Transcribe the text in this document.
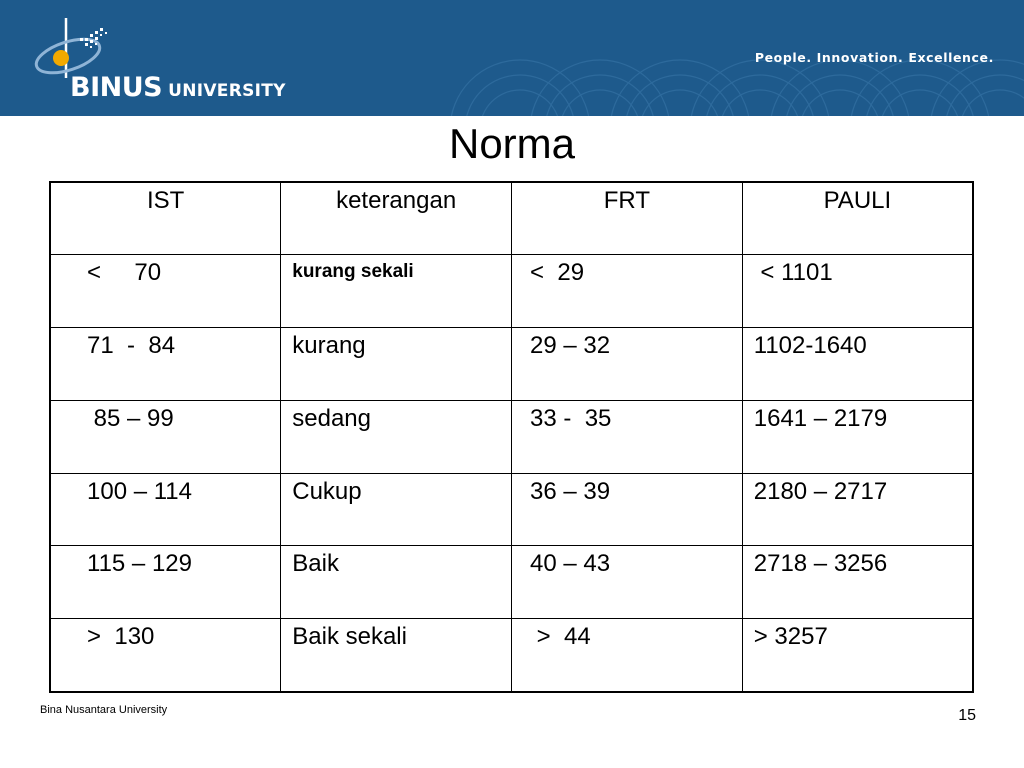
BINUS UNIVERSITY
People. Innovation. Excellence.
Norma
IST	keterangan	FRT	PAULI
<     70	kurang sekali	<  29	< 1101
71  -  84	kurang	29 – 32	1102-1640
85 – 99	sedang	33 -  35	1641 – 2179
100 – 114	Cukup	36 – 39	2180 – 2717
115 – 129	Baik	40 – 43	2718 – 3256
>  130	Baik sekali	>  44	> 3257
Bina Nusantara University	15
